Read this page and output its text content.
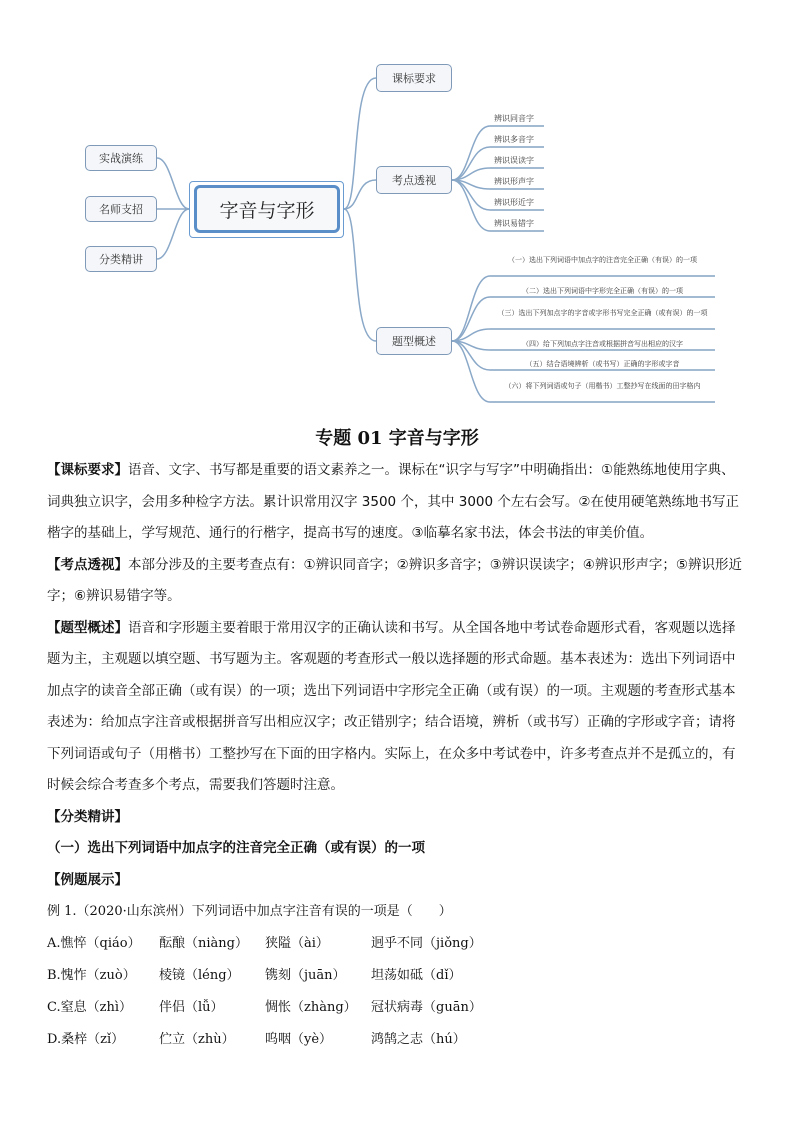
字音与字形
实战演练
名师支招
分类精讲
课标要求
考点透视
题型概述
辨识同音字
辨识多音字
辨识误读字
辨识形声字
辨识形近字
辨识易错字
（一）选出下列词语中加点字的注音完全正确（有误）的一项
（二）选出下列词语中字形完全正确（有误）的一项
（三）选出下列加点字的字音或字形书写完全正确（或有误）的一项
（四）给下列加点字注音或根据拼音写出相应的汉字
（五）结合语境辨析（或书写）正确的字形或字音
（六）将下列词语或句子（用楷书）工整抄写在线面的田字格内
专题 01 字音与字形

【课标要求】语音、文字、书写都是重要的语文素养之一。课标在“识字与写字”中明确指出：①能熟练地使用字典、词典独立识字，会用多种检字方法。累计识常用汉字 3500 个，其中 3000 个左右会写。②在使用硬笔熟练地书写正楷字的基础上，学写规范、通行的行楷字，提高书写的速度。③临摹名家书法，体会书法的审美价值。

【考点透视】本部分涉及的主要考查点有：①辨识同音字；②辨识多音字；③辨识误读字；④辨识形声字；⑤辨识形近字；⑥辨识易错字等。

【题型概述】语音和字形题主要着眼于常用汉字的正确认读和书写。从全国各地中考试卷命题形式看，客观题以选择题为主，主观题以填空题、书写题为主。客观题的考查形式一般以选择题的形式命题。基本表述为：选出下列词语中加点字的读音全部正确（或有误）的一项；选出下列词语中字形完全正确（或有误）的一项。主观题的考查形式基本表述为：给加点字注音或根据拼音写出相应汉字；改正错别字；结合语境，辨析（或书写）正确的字形或字音；请将下列词语或句子（用楷书）工整抄写在下面的田字格内。实际上，在众多中考试卷中，许多考查点并不是孤立的，有时候会综合考查多个考点，需要我们答题时注意。

【分类精讲】

（一）选出下列词语中加点字的注音完全正确（或有误）的一项

【例题展示】

例 1.（2020·山东滨州）下列词语中加点字注音有误的一项是（　　）

A.憔悴（qiáo） 酝酿（niàng） 狭隘（ài）	迥乎不同（jiǒng）
B.愧怍（zuò） 棱镜（léng） 镌刻（juān） 坦荡如砥（dǐ）
C.窒息（zhì） 伴侣（lǚ）	惆怅（zhàng） 冠状病毒（guān）
D.桑梓（zǐ）	伫立（zhù） 呜咽（yè）	鸿鹄之志（hú）
